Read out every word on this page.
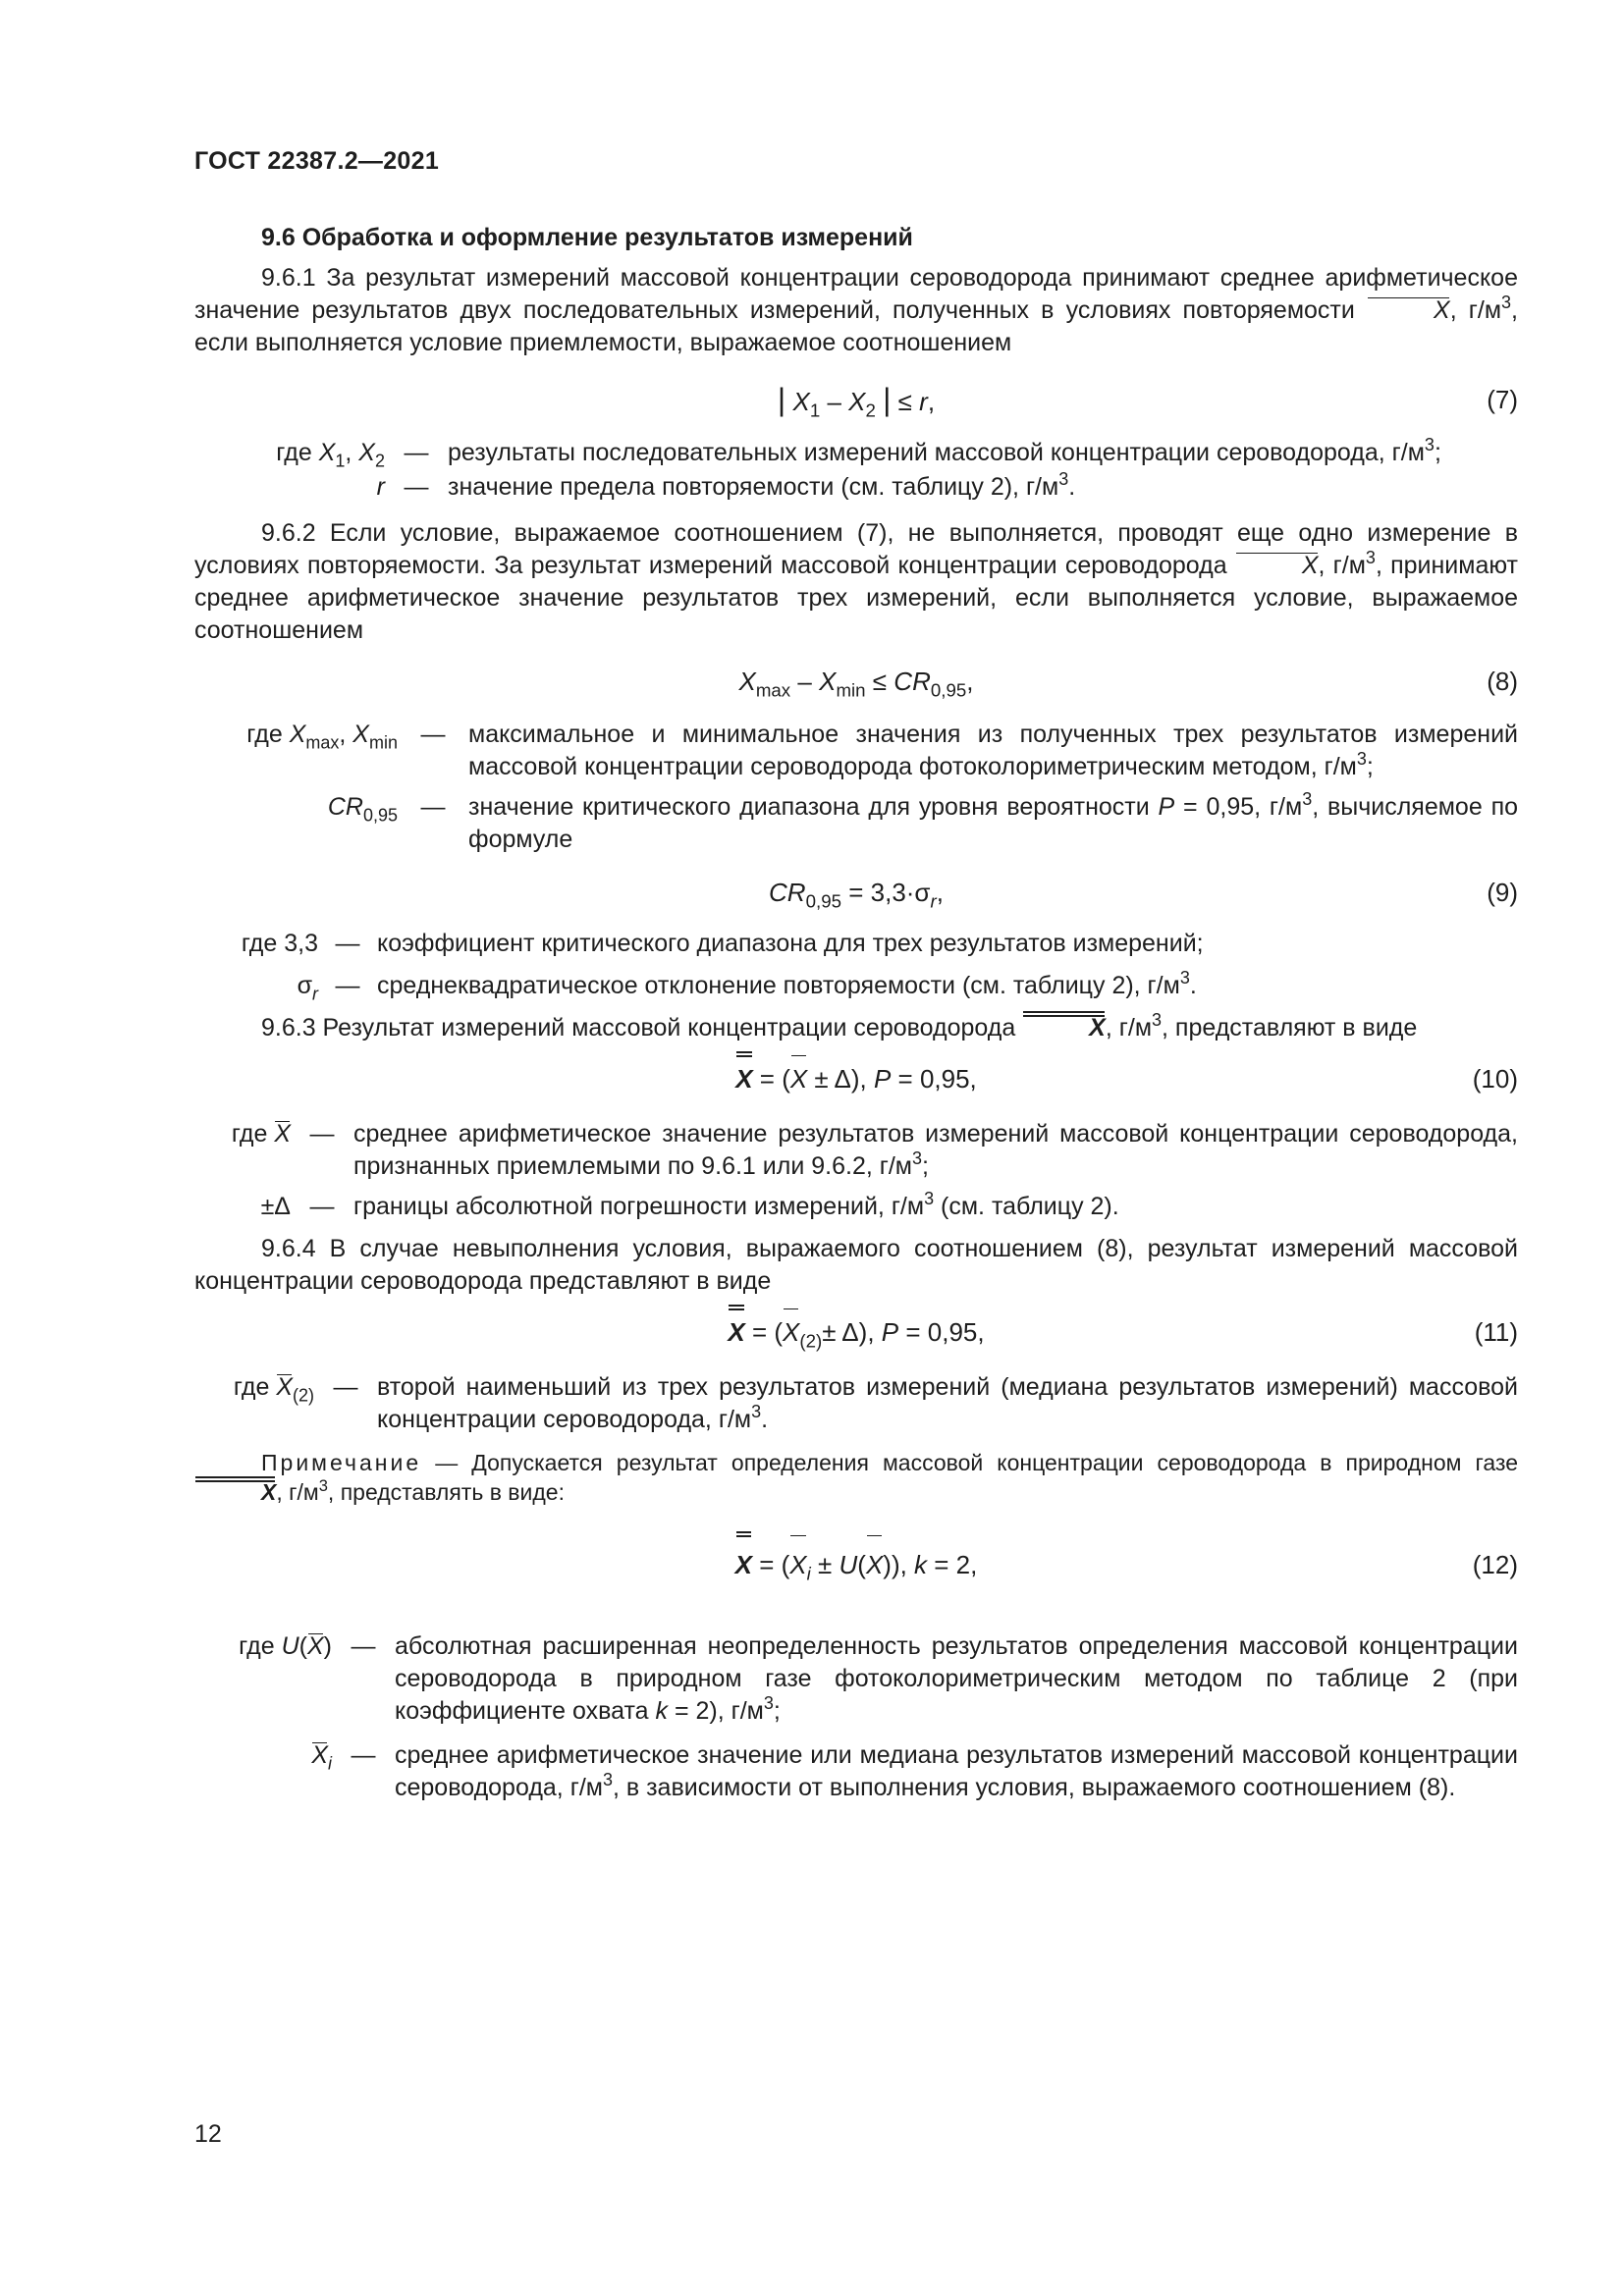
ГОСТ 22387.2—2021
9.6 Обработка и оформление результатов измерений

9.6.1 За результат измерений массовой концентрации сероводорода принимают среднее арифметическое значение результатов двух последовательных измерений, полученных в условиях повторяемости	X, $г/м^3$, если выполняется условие приемлемости, выражаемое соотношением

| $X_1 - X_2$ | ≤ r,	(7)
где $X_1$, $X_2$ — результаты последовательных измерений массовой концентрации сероводорода, $г/м^3$;
r — значение предела повторяемости (см. таблицу 2), $г/м^3$.

9.6.2 Если условие, выражаемое соотношением (7), не выполняется, проводят еще одно измерение в условиях повторяемости. За результат измерений массовой концентрации сероводорода	X, $г/м^3$, принимают среднее арифметическое значение результатов трех измерений, если выполняется условие, выражаемое соотношением

$X_{max} - X_{min} \le CR_{0,95}$,	(8)
где $X_{max}$, $X_{min}$ — максимальное и минимальное значения из полученных трех результатов измерений массовой концентрации сероводорода фотоколориметрическим методом, $г/м^3$;
$CR_{0,95}$ — значение критического диапазона для уровня вероятности P = 0,95, $г/м^3$, вычисляемое по формуле
$CR_{0,95} = 3,3\cdot\sigma_r$,	(9)
где 3,3 — коэффициент критического диапазона для трех результатов измерений;
$\sigma_r$ — среднеквадратическое отклонение повторяемости (см. таблицу 2), $г/м^3$.

9.6.3 Результат измерений массовой концентрации сероводорода	X, $г/м^3$, представляют в виде

X = (X ± Δ), P = 0,95,	(10)
где X — среднее арифметическое значение результатов измерений массовой концентрации сероводорода, признанных приемлемыми по 9.6.1 или 9.6.2, $г/м^3$;
±Δ — границы абсолютной погрешности измерений, $г/м^3$ (см. таблицу 2).

9.6.4 В случае невыполнения условия, выражаемого соотношением (8), результат измерений массовой концентрации сероводорода представляют в виде

$X = (X_{(2)}\pm \Delta)$, P = 0,95,	(11)
где $X_{(2)}$ — второй наименьший из трех результатов измерений (медиана результатов измерений) массовой концентрации сероводорода, $г/м^3$.

Примечание — Допускается результат определения массовой концентрации сероводорода в природном газе X, $г/м^3$, представлять в виде:

$X = (X_i \pm U(X))$, k = 2,	(12)
где U(X) — абсолютная расширенная неопределенность результатов определения массовой концентрации сероводорода в природном газе фотоколориметрическим методом по таблице 2 (при коэффициенте охвата k = 2), $г/м^3$;
$X_i$ — среднее арифметическое значение или медиана результатов измерений массовой концентрации сероводорода, $г/м^3$, в зависимости от выполнения условия, выражаемого соотношением (8).
12
